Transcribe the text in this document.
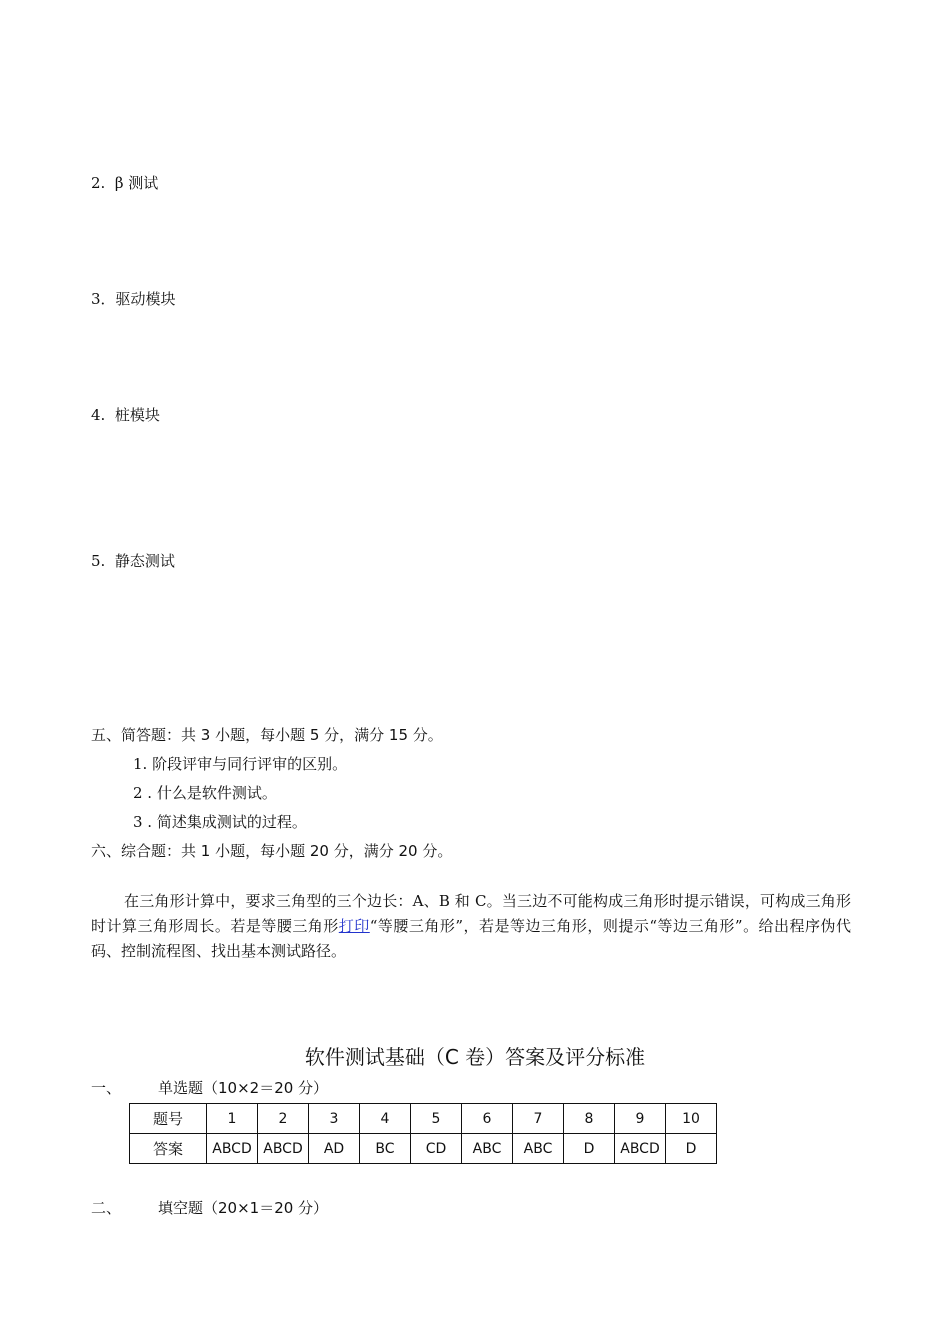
2. β 测试
3．驱动模块
4. 桩模块
5. 静态测试
五、简答题：共 3 小题，每小题 5 分，满分 15 分。
1. 阶段评审与同行评审的区别。
2 . 什么是软件测试。
3 . 简述集成测试的过程。
六、综合题：共 1 小题，每小题 20 分，满分 20 分。
在三角形计算中，要求三角型的三个边长：A、B 和 C。当三边不可能构成三角形时提示错误，可构成三角形时计算三角形周长。若是等腰三角形打印“等腰三角形”，若是等边三角形，则提示“等边三角形”。给出程序伪代码、控制流程图、找出基本测试路径。
软件测试基础（C 卷）答案及评分标准
一、 单选题（10×2＝20 分）
题号	1	2	3	4	5	6	7	8	9	10
答案	ABCD	ABCD	AD	BC	CD	ABC	ABC	D	ABCD	D
二、 填空题（20×1＝20 分）
